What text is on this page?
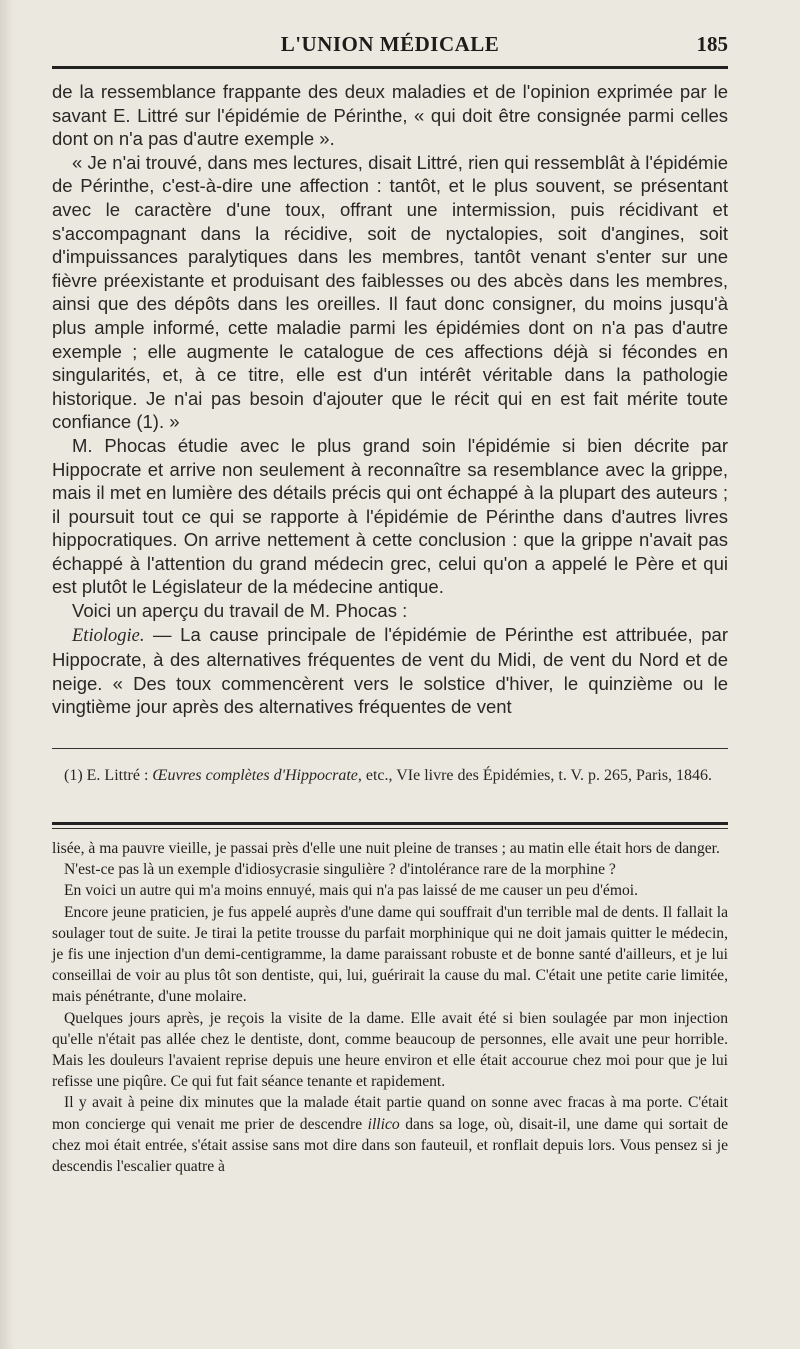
L'UNION MÉDICALE	185

de la ressemblance frappante des deux maladies et de l'opinion exprimée par le savant E. Littré sur l'épidémie de Périnthe, « qui doit être consignée parmi celles dont on n'a pas d'autre exemple ».

« Je n'ai trouvé, dans mes lectures, disait Littré, rien qui ressemblât à l'épidémie de Périnthe, c'est-à-dire une affection : tantôt, et le plus souvent, se présentant avec le caractère d'une toux, offrant une intermission, puis récidivant et s'accompagnant dans la récidive, soit de nyctalopies, soit d'angines, soit d'impuissances paralytiques dans les membres, tantôt venant s'enter sur une fièvre préexistante et produisant des faiblesses ou des abcès dans les membres, ainsi que des dépôts dans les oreilles. Il faut donc consigner, du moins jusqu'à plus ample informé, cette maladie parmi les épidémies dont on n'a pas d'autre exemple ; elle augmente le catalogue de ces affections déjà si fécondes en singularités, et, à ce titre, elle est d'un intérêt véritable dans la pathologie historique. Je n'ai pas besoin d'ajouter que le récit qui en est fait mérite toute confiance (1). »

M. Phocas étudie avec le plus grand soin l'épidémie si bien décrite par Hippocrate et arrive non seulement à reconnaître sa resemblance avec la grippe, mais il met en lumière des détails précis qui ont échappé à la plupart des auteurs ; il poursuit tout ce qui se rapporte à l'épidémie de Périnthe dans d'autres livres hippocratiques. On arrive nettement à cette conclusion : que la grippe n'avait pas échappé à l'attention du grand médecin grec, celui qu'on a appelé le Père et qui est plutôt le Législateur de la médecine antique.

Voici un aperçu du travail de M. Phocas :

Etiologie. — La cause principale de l'épidémie de Périnthe est attribuée, par Hippocrate, à des alternatives fréquentes de vent du Midi, de vent du Nord et de neige. « Des toux commencèrent vers le solstice d'hiver, le quinzième ou le vingtième jour après des alternatives fréquentes de vent

(1) E. Littré : Œuvres complètes d'Hippocrate, etc., VIe livre des Épidémies, t. V. p. 265, Paris, 1846.

lisée, à ma pauvre vieille, je passai près d'elle une nuit pleine de transes ; au matin elle était hors de danger.

N'est-ce pas là un exemple d'idiosycrasie singulière ? d'intolérance rare de la morphine ?

En voici un autre qui m'a moins ennuyé, mais qui n'a pas laissé de me causer un peu d'émoi.

Encore jeune praticien, je fus appelé auprès d'une dame qui souffrait d'un terrible mal de dents. Il fallait la soulager tout de suite. Je tirai la petite trousse du parfait morphinique qui ne doit jamais quitter le médecin, je fis une injection d'un demi-centigramme, la dame paraissant robuste et de bonne santé d'ailleurs, et je lui conseillai de voir au plus tôt son dentiste, qui, lui, guérirait la cause du mal. C'était une petite carie limitée, mais pénétrante, d'une molaire.

Quelques jours après, je reçois la visite de la dame. Elle avait été si bien soulagée par mon injection qu'elle n'était pas allée chez le dentiste, dont, comme beaucoup de personnes, elle avait une peur horrible. Mais les douleurs l'avaient reprise depuis une heure environ et elle était accourue chez moi pour que je lui refisse une piqûre. Ce qui fut fait séance tenante et rapidement.

Il y avait à peine dix minutes que la malade était partie quand on sonne avec fracas à ma porte. C'était mon concierge qui venait me prier de descendre illico dans sa loge, où, disait-il, une dame qui sortait de chez moi était entrée, s'était assise sans mot dire dans son fauteuil, et ronflait depuis lors. Vous pensez si je descendis l'escalier quatre à
